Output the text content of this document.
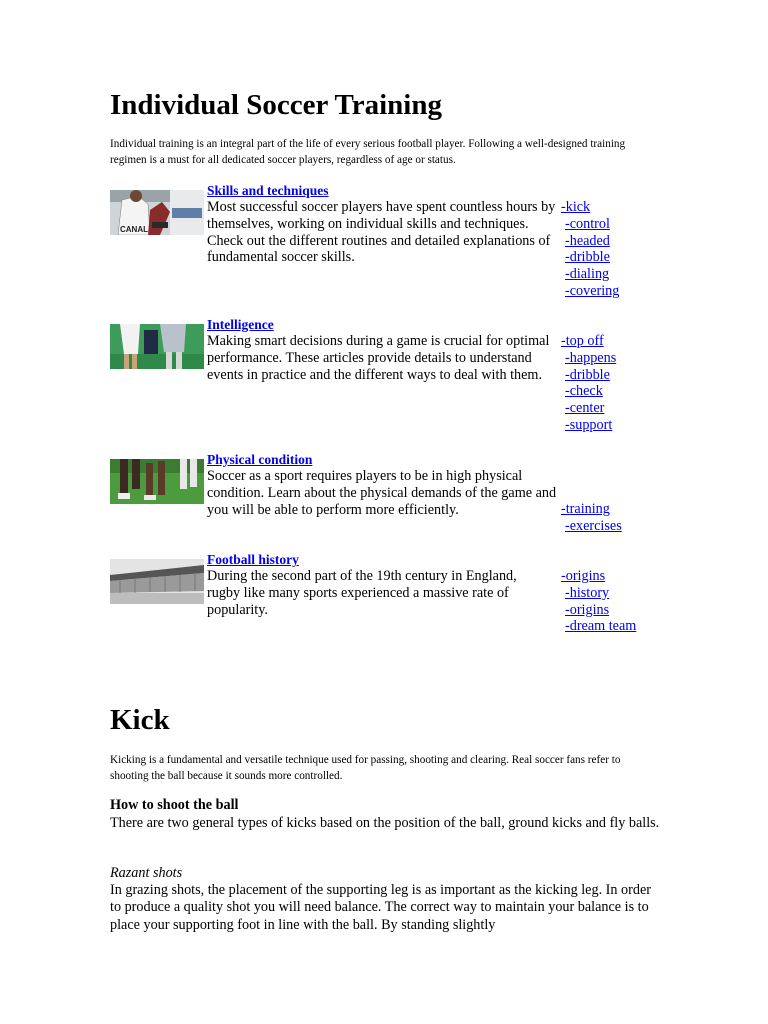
Individual Soccer Training
Individual training is an integral part of the life of every serious football player. Following a well-designed training regimen is a must for all dedicated soccer players, regardless of age or status.
CANAL
Skills and techniques
Most successful soccer players have spent countless hours by themselves, working on individual skills and techniques. Check out the different routines and detailed explanations of fundamental soccer skills.
-kick
-control
-headed
-dribble
-dialing
-covering
Intelligence
Making smart decisions during a game is crucial for optimal performance. These articles provide details to understand events in practice and the different ways to deal with them.
-top off
-happens
-dribble
-check
-center
-support
Physical condition
Soccer as a sport requires players to be in high physical condition. Learn about the physical demands of the game and you will be able to perform more efficiently.	-training
-exercises
Football history
During the second part of the 19th century in England, rugby like many sports experienced a massive rate of popularity.
-origins
-history
-origins
-dream team
Kick
Kicking is a fundamental and versatile technique used for passing, shooting and clearing. Real soccer fans refer to shooting the ball because it sounds more controlled.
How to shoot the ball
There are two general types of kicks based on the position of the ball, ground kicks and fly balls.
Razant shots
In grazing shots, the placement of the supporting leg is as important as the kicking leg. In order to produce a quality shot you will need balance. The correct way to maintain your balance is to place your supporting foot in line with the ball. By standing slightly
